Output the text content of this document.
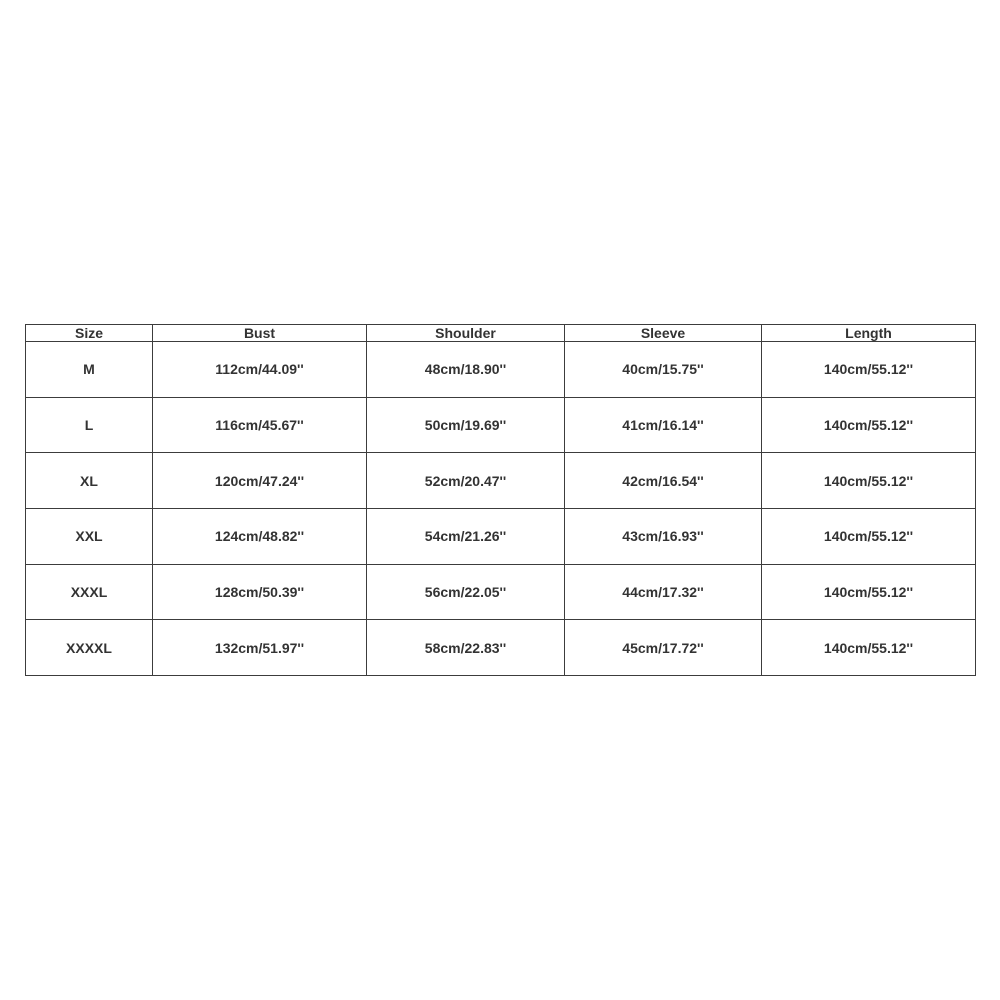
Size	Bust	Shoulder	Sleeve	Length
M	112cm/44.09''	48cm/18.90''	40cm/15.75''	140cm/55.12''
L	116cm/45.67''	50cm/19.69''	41cm/16.14''	140cm/55.12''
XL	120cm/47.24''	52cm/20.47''	42cm/16.54''	140cm/55.12''
XXL	124cm/48.82''	54cm/21.26''	43cm/16.93''	140cm/55.12''
XXXL	128cm/50.39''	56cm/22.05''	44cm/17.32''	140cm/55.12''
XXXXL	132cm/51.97''	58cm/22.83''	45cm/17.72''	140cm/55.12''
